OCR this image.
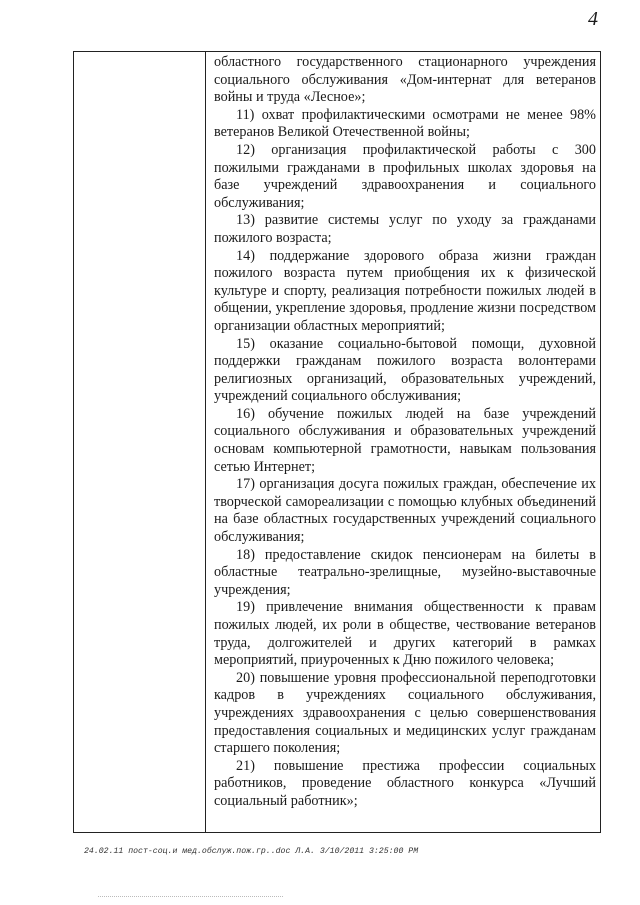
4

областного государственного стационарного учреждения социального обслуживания «Дом-интернат для ветеранов войны и труда «Лесное»;

11) охват профилактическими осмотрами не менее 98% ветеранов Великой Отечественной войны;

12) организация профилактической работы с 300 пожилыми гражданами в профильных школах здоровья на базе учреждений здравоохранения и социального обслуживания;

13) развитие системы услуг по уходу за гражданами пожилого возраста;

14) поддержание здорового образа жизни граждан пожилого возраста путем приобщения их к физической культуре и спорту, реализация потребности пожилых людей в общении, укрепление здоровья, продление жизни посредством организации областных мероприятий;

15) оказание социально-бытовой помощи, духовной поддержки гражданам пожилого возраста волонтерами религиозных организаций, образовательных учреждений, учреждений социального обслуживания;

16) обучение пожилых людей на базе учреждений социального обслуживания и образовательных учреждений основам компьютерной грамотности, навыкам пользования сетью Интернет;

17) организация досуга пожилых граждан, обеспечение их творческой самореализации с помощью клубных объединений на базе областных государственных учреждений социального обслуживания;

18) предоставление скидок пенсионерам на билеты в областные театрально-зрелищные, музейно-выставочные учреждения;

19) привлечение внимания общественности к правам пожилых людей, их роли в обществе, чествование ветеранов труда, долгожителей и других категорий в рамках мероприятий, приуроченных к Дню пожилого человека;

20) повышение уровня профессиональной переподготовки кадров в учреждениях социального обслуживания, учреждениях здравоохранения с целью совершенствования предоставления социальных и медицинских услуг гражданам старшего поколения;

21) повышение престижа профессии социальных работников, проведение областного конкурса «Лучший социальный работник»;

24.02.11 пост-соц.и мед.обслуж.пож.гр..doc Л.А. 3/10/2011 3:25:00 PM
